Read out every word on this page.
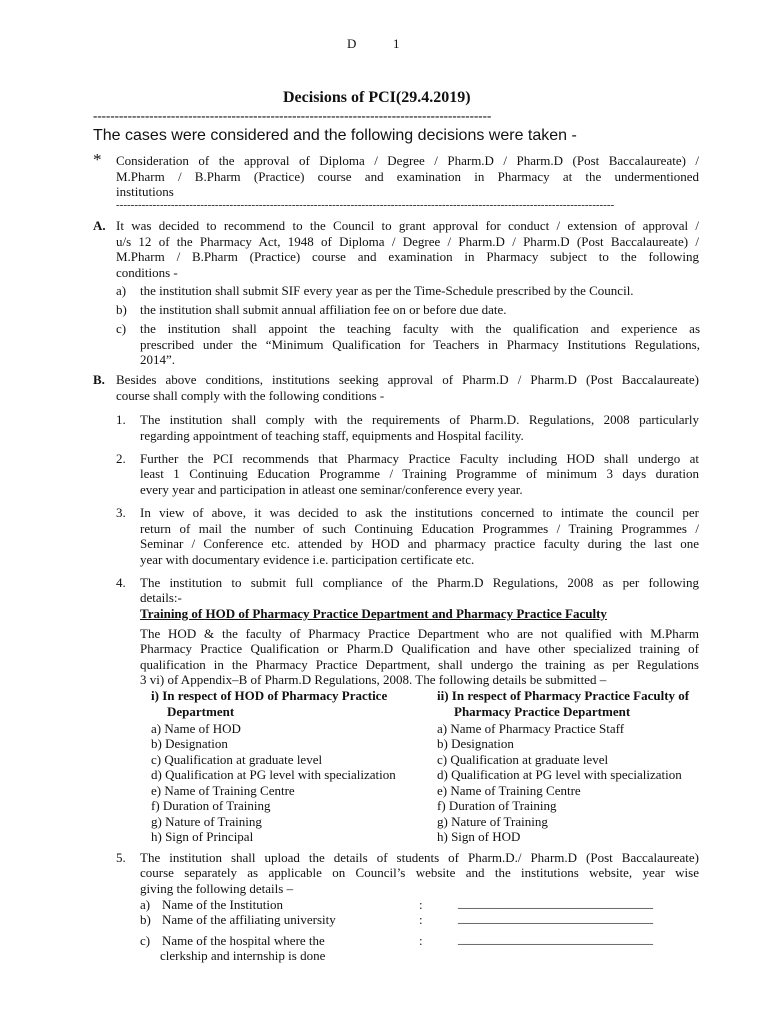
D	1
Decisions of PCI(29.4.2019)
--------------------------------------------------------------------------------------------
The cases were considered and the following decisions were taken -
* Consideration of the approval of Diploma / Degree / Pharm.D / Pharm.D (Post Baccalaureate) /
M.Pharm / B.Pharm (Practice) course and examination in Pharmacy at the undermentioned
institutions
----------------------------------------------------------------------------------------------------------------------------------------
A. It was decided to recommend to the Council to grant approval for conduct / extension of approval /
u/s 12 of the Pharmacy Act, 1948 of Diploma / Degree / Pharm.D / Pharm.D (Post Baccalaureate) /
M.Pharm / B.Pharm (Practice) course and examination in Pharmacy subject to the following
conditions -
a) the institution shall submit SIF every year as per the Time-Schedule prescribed by the Council.
b) the institution shall submit annual affiliation fee on or before due date.
c) the institution shall appoint the teaching faculty with the qualification and experience as
prescribed under the “Minimum Qualification for Teachers in Pharmacy Institutions Regulations,
2014”.
B. Besides above conditions, institutions seeking approval of Pharm.D / Pharm.D (Post Baccalaureate)
course shall comply with the following conditions -
1. The institution shall comply with the requirements of Pharm.D. Regulations, 2008 particularly
regarding appointment of teaching staff, equipments and Hospital facility.
2. Further the PCI recommends that Pharmacy Practice Faculty including HOD shall undergo at
least 1 Continuing Education Programme / Training Programme of minimum 3 days duration
every year and participation in atleast one seminar/conference every year.
3. In view of above, it was decided to ask the institutions concerned to intimate the council per
return of mail the number of such Continuing Education Programmes / Training Programmes /
Seminar / Conference etc. attended by HOD and pharmacy practice faculty during the last one
year with documentary evidence i.e. participation certificate etc.
4. The institution to submit full compliance of the Pharm.D Regulations, 2008 as per following
details:-
Training of HOD of Pharmacy Practice Department and Pharmacy Practice Faculty
The HOD & the faculty of Pharmacy Practice Department who are not qualified with M.Pharm
Pharmacy Practice Qualification or Pharm.D Qualification and have other specialized training of
qualification in the Pharmacy Practice Department, shall undergo the training as per Regulations
3 vi) of Appendix–B of Pharm.D Regulations, 2008. The following details be submitted –
i) In respect of HOD of Pharmacy Practice
Department
a) Name of HOD
b) Designation
c) Qualification at graduate level
d) Qualification at PG level with specialization
e) Name of Training Centre
f) Duration of Training
g) Nature of Training
h) Sign of Principal
ii) In respect of Pharmacy Practice Faculty of
Pharmacy Practice Department
a) Name of Pharmacy Practice Staff
b) Designation
c) Qualification at graduate level
d) Qualification at PG level with specialization
e) Name of Training Centre
f) Duration of Training
g) Nature of Training
h) Sign of HOD
5. The institution shall upload the details of students of Pharm.D./ Pharm.D (Post Baccalaureate)
course separately as applicable on Council’s website and the institutions website, year wise
giving the following details –
a) Name of the Institution	:	______________________________
b) Name of the affiliating university	:	______________________________
c) Name of the hospital where the
clerkship and internship is done
:	______________________________
